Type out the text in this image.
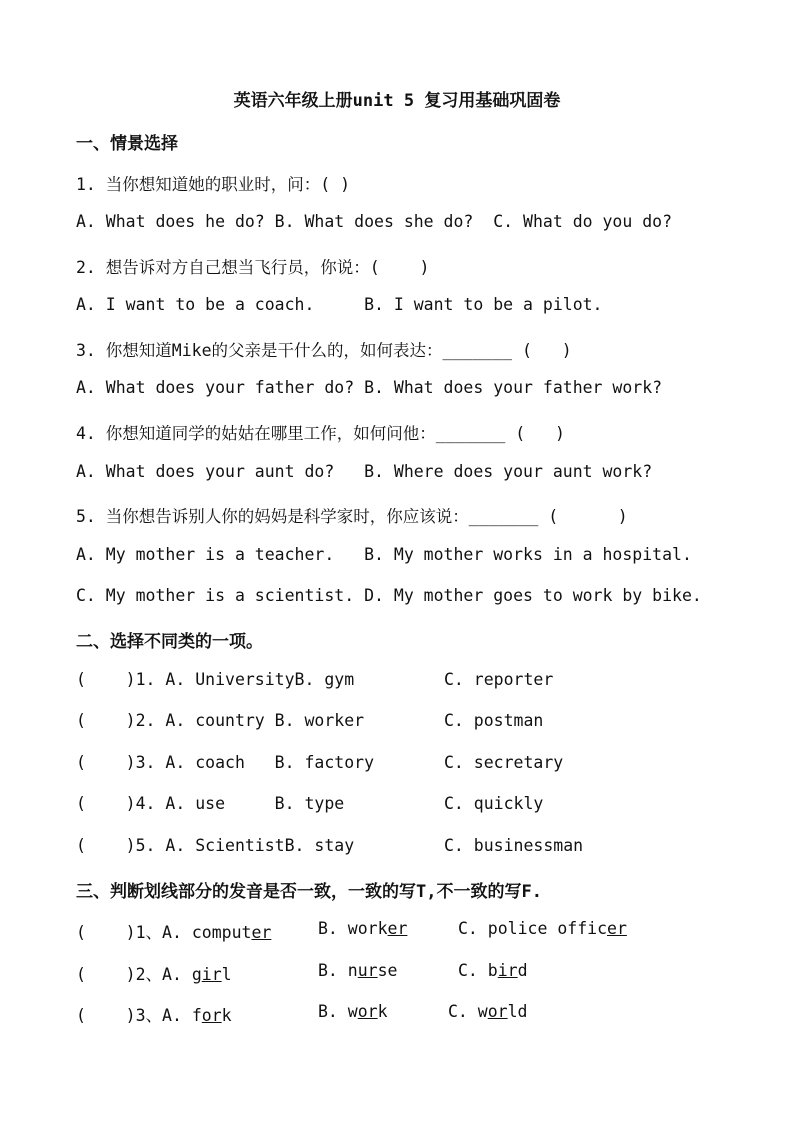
英语六年级上册unit 5 复习用基础巩固卷
一、情景选择
1. 当你想知道她的职业时，问：( )
A. What does he do? B. What does she do?  C. What do you do?
2. 想告诉对方自己想当飞行员，你说：(    )
A. I want to be a coach.     B. I want to be a pilot.
3. 你想知道Mike的父亲是干什么的，如何表达：_______ (   )
A. What does your father do? B. What does your father work?
4. 你想知道同学的姑姑在哪里工作，如何问他：_______ (   )
A. What does your aunt do?   B. Where does your aunt work?
5. 当你想告诉别人你的妈妈是科学家时，你应该说：_______ (      )
A. My mother is a teacher.   B. My mother works in a hospital.
C. My mother is a scientist. D. My mother goes to work by bike.
二、选择不同类的一项。
(    )1. A. UniversityB. gym	C. reporter
(    )2. A. country B. worker	C. postman
(    )3. A. coach   B. factory	C. secretary
(    )4. A. use     B. type	C. quickly
(    )5. A. ScientistB. stay	C. businessman
三、判断划线部分的发音是否一致，一致的写T,不一致的写F.
(    )1、A. computer	B. worker	C. police officer
(    )2、A. girl	B. nurse	C. bird
(    )3、A. fork	B. work	C. world
